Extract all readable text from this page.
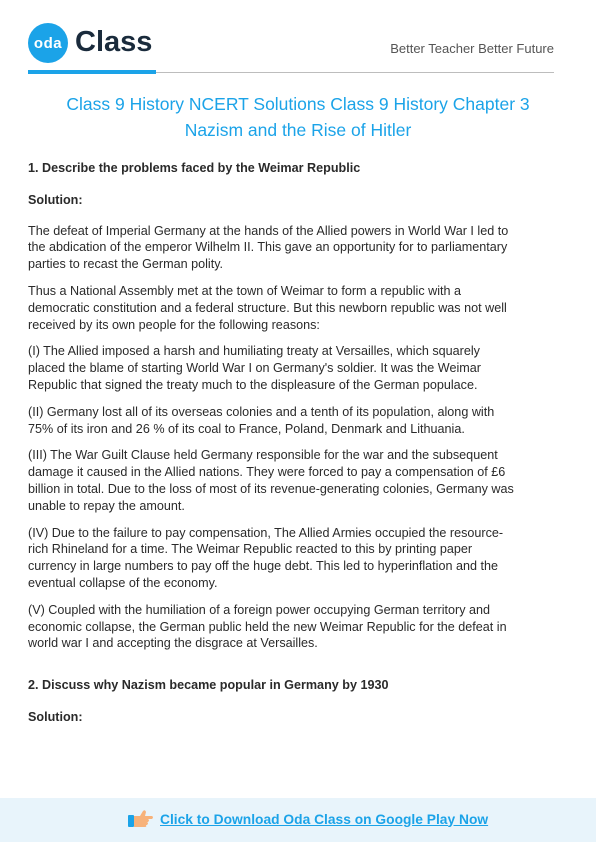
oda Class	Better Teacher Better Future
Class 9 History NCERT Solutions Class 9 History Chapter 3
Nazism and the Rise of Hitler

1. Describe the problems faced by the Weimar Republic

Solution:

The defeat of Imperial Germany at the hands of the Allied powers in World War I led to the abdication of the emperor Wilhelm II. This gave an opportunity for to parliamentary parties to recast the German polity.

Thus a National Assembly met at the town of Weimar to form a republic with a democratic constitution and a federal structure. But this newborn republic was not well received by its own people for the following reasons:

(I) The Allied imposed a harsh and humiliating treaty at Versailles, which squarely placed the blame of starting World War I on Germany's soldier. It was the Weimar Republic that signed the treaty much to the displeasure of the German populace.

(II) Germany lost all of its overseas colonies and a tenth of its population, along with 75% of its iron and 26 % of its coal to France, Poland, Denmark and Lithuania.

(III) The War Guilt Clause held Germany responsible for the war and the subsequent damage it caused in the Allied nations. They were forced to pay a compensation of £6 billion in total. Due to the loss of most of its revenue-generating colonies, Germany was unable to repay the amount.

(IV) Due to the failure to pay compensation, The Allied Armies occupied the resource-rich Rhineland for a time. The Weimar Republic reacted to this by printing paper currency in large numbers to pay off the huge debt. This led to hyperinflation and the eventual collapse of the economy.

(V) Coupled with the humiliation of a foreign power occupying German territory and economic collapse, the German public held the new Weimar Republic for the defeat in world war I and accepting the disgrace at Versailles.

2. Discuss why Nazism became popular in Germany by 1930

Solution:

Click to Download Oda Class on Google Play Now
